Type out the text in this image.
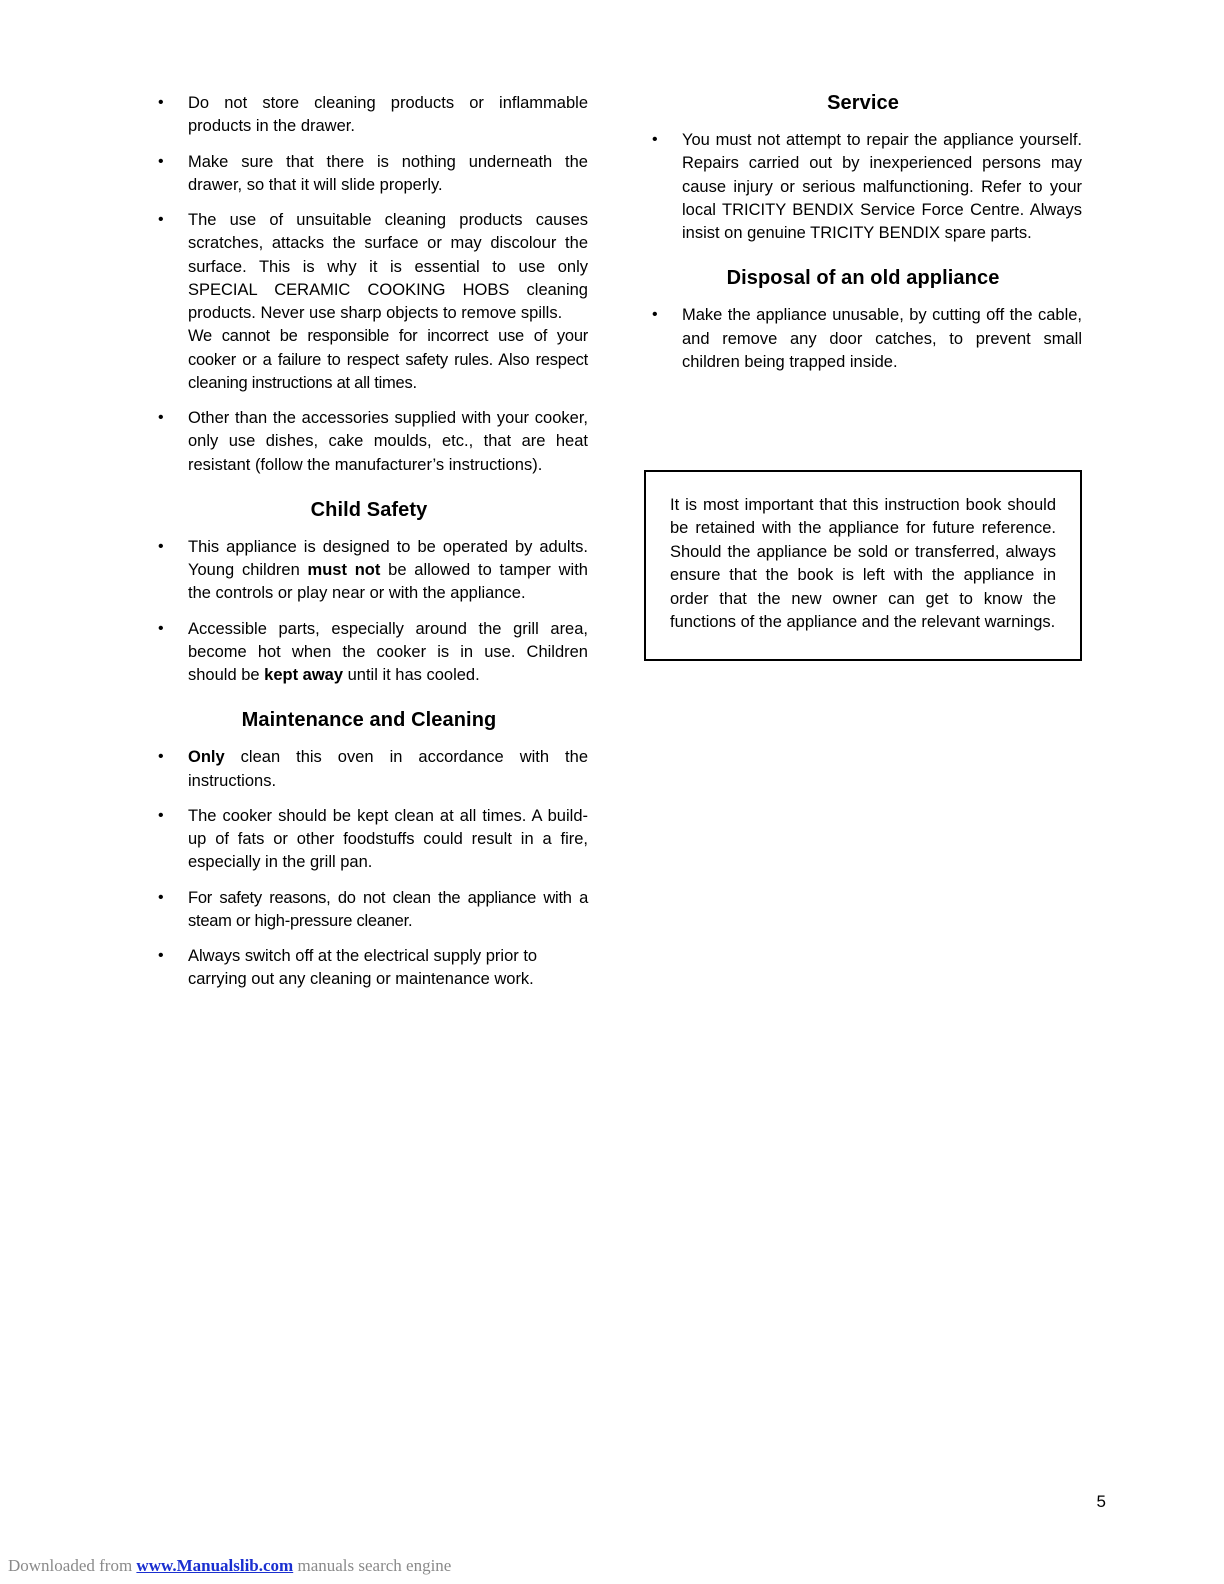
• Do not store cleaning products or inflammable products in the drawer.
• Make sure that there is nothing underneath the drawer, so that it will slide properly.
• The use of unsuitable cleaning products causes scratches, attacks the surface or may discolour the surface. This is why it is essential to use only SPECIAL CERAMIC COOKING HOBS cleaning products. Never use sharp objects to remove spills.
We cannot be responsible for incorrect use of your cooker or a failure to respect safety rules. Also respect cleaning instructions at all times.
• Other than the accessories supplied with your cooker, only use dishes, cake moulds, etc., that are heat resistant (follow the manufacturer’s instructions).
Child Safety
• This appliance is designed to be operated by adults. Young children must not be allowed to tamper with the controls or play near or with the appliance.
• Accessible parts, especially around the grill area, become hot when the cooker is in use. Children should be kept away until it has cooled.
Maintenance and Cleaning
• Only clean this oven in accordance with the instructions.
• The cooker should be kept clean at all times. A build-up of fats or other foodstuffs could result in a fire, especially in the grill pan.
• For safety reasons, do not clean the appliance with a steam or high-pressure cleaner.
• Always switch off at the electrical supply prior to carrying out any cleaning or maintenance work.
Service
• You must not attempt to repair the appliance yourself. Repairs carried out by inexperienced persons may cause injury or serious malfunctioning. Refer to your local TRICITY BENDIX Service Force Centre. Always insist on genuine TRICITY BENDIX spare parts.
Disposal of an old appliance
• Make the appliance unusable, by cutting off the cable, and remove any door catches, to prevent small children being trapped inside.

It is most important that this instruction book should be retained with the appliance for future reference. Should the appliance be sold or transferred, always ensure that the book is left with the appliance in order that the new owner can get to know the functions of the appliance and the relevant warnings.

5
Downloaded from www.Manualslib.com manuals search engine
